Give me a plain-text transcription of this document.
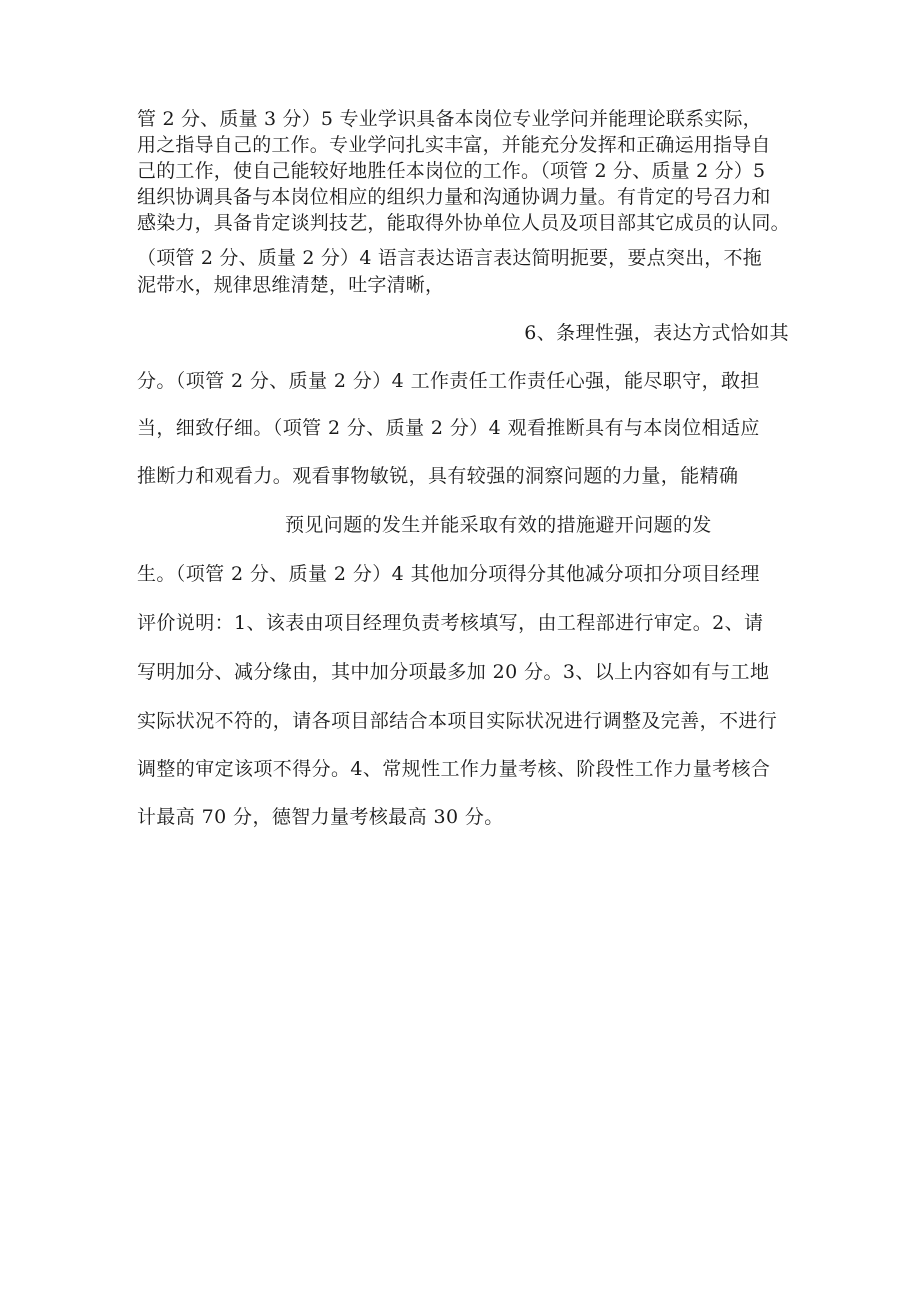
管 2 分、质量 3 分）5 专业学识具备本岗位专业学问并能理论联系实际，
用之指导自己的工作。专业学问扎实丰富，并能充分发挥和正确运用指导自
己的工作，使自己能较好地胜任本岗位的工作。（项管 2 分、质量 2 分）5
组织协调具备与本岗位相应的组织力量和沟通协调力量。有肯定的号召力和
感染力，具备肯定谈判技艺，能取得外协单位人员及项目部其它成员的认同。
（项管 2 分、质量 2 分）4 语言表达语言表达简明扼要，要点突出，不拖
泥带水，规律思维清楚，吐字清晰，
6、条理性强，表达方式恰如其
分。（项管 2 分、质量 2 分）4 工作责任工作责任心强，能尽职守，敢担
当，细致仔细。（项管 2 分、质量 2 分）4 观看推断具有与本岗位相适应
推断力和观看力。观看事物敏锐，具有较强的洞察问题的力量，能精确
预见问题的发生并能采取有效的措施避开问题的发
生。（项管 2 分、质量 2 分）4 其他加分项得分其他减分项扣分项目经理
评价说明：1、该表由项目经理负责考核填写，由工程部进行审定。2、请
写明加分、减分缘由，其中加分项最多加 20 分。3、以上内容如有与工地
实际状况不符的，请各项目部结合本项目实际状况进行调整及完善，不进行
调整的审定该项不得分。4、常规性工作力量考核、阶段性工作力量考核合
计最高 70 分，德智力量考核最高 30 分。
